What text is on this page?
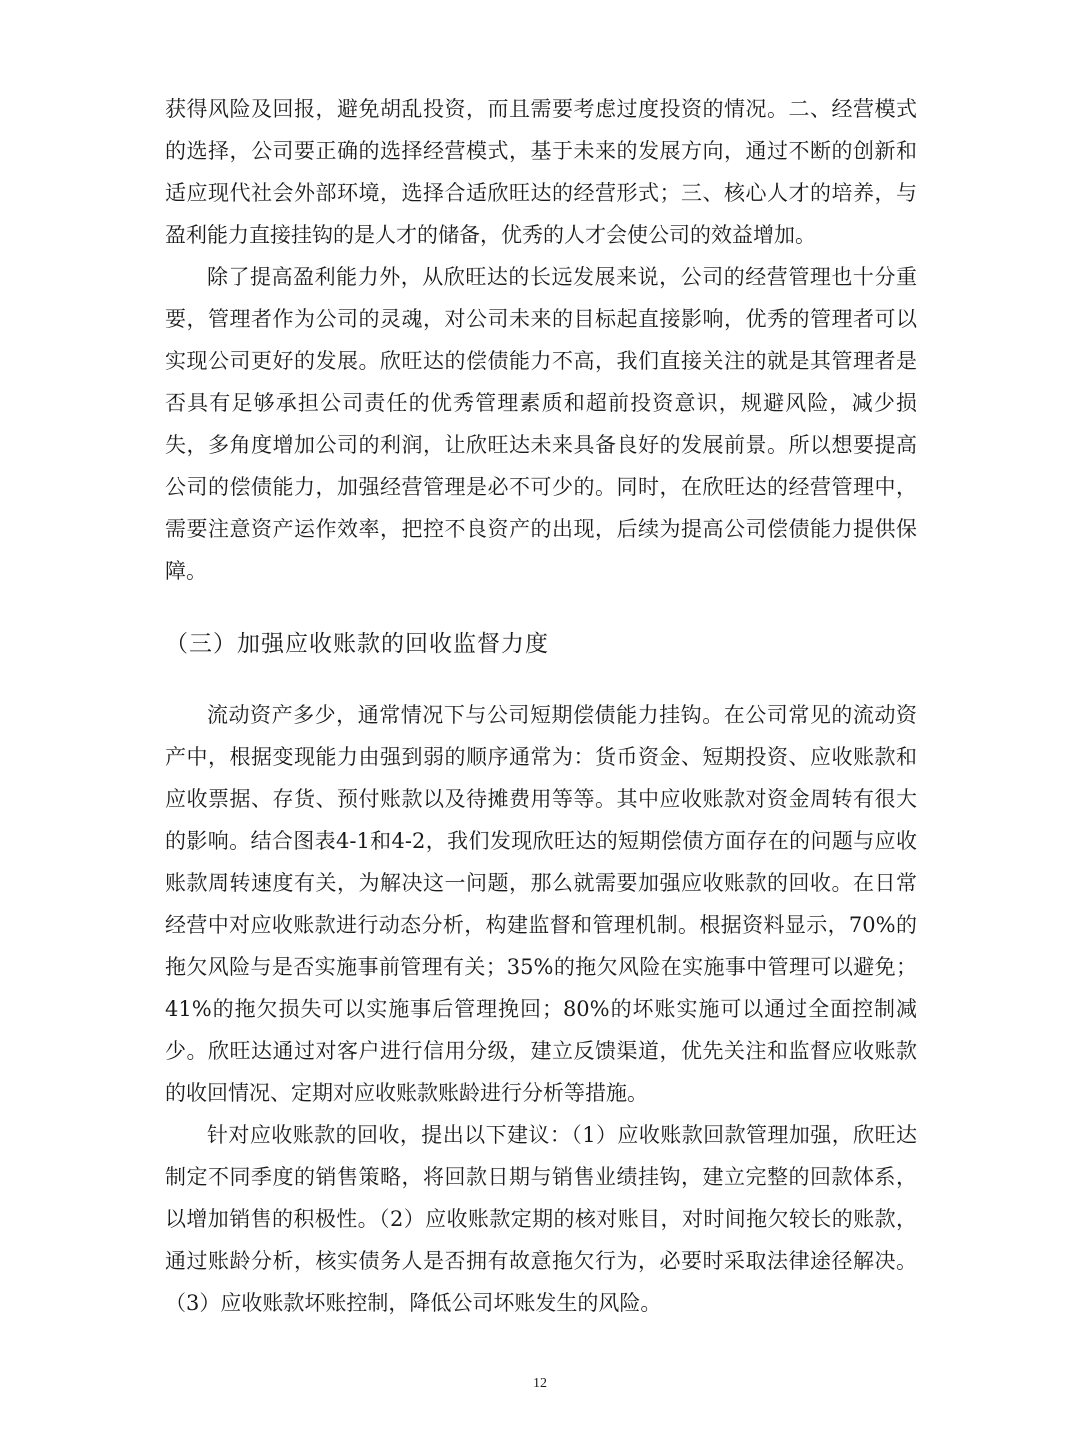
获得风险及回报，避免胡乱投资，而且需要考虑过度投资的情况。二、经营模式的选择，公司要正确的选择经营模式，基于未来的发展方向，通过不断的创新和适应现代社会外部环境，选择合适欣旺达的经营形式；三、核心人才的培养，与盈利能力直接挂钩的是人才的储备，优秀的人才会使公司的效益增加。

除了提高盈利能力外，从欣旺达的长远发展来说，公司的经营管理也十分重要，管理者作为公司的灵魂，对公司未来的目标起直接影响，优秀的管理者可以实现公司更好的发展。欣旺达的偿债能力不高，我们直接关注的就是其管理者是否具有足够承担公司责任的优秀管理素质和超前投资意识，规避风险，减少损失，多角度增加公司的利润，让欣旺达未来具备良好的发展前景。所以想要提高公司的偿债能力，加强经营管理是必不可少的。同时，在欣旺达的经营管理中，需要注意资产运作效率，把控不良资产的出现，后续为提高公司偿债能力提供保障。

（三）加强应收账款的回收监督力度

流动资产多少，通常情况下与公司短期偿债能力挂钩。在公司常见的流动资产中，根据变现能力由强到弱的顺序通常为：货币资金、短期投资、应收账款和应收票据、存货、预付账款以及待摊费用等等。其中应收账款对资金周转有很大的影响。结合图表4-1和4-2，我们发现欣旺达的短期偿债方面存在的问题与应收账款周转速度有关，为解决这一问题，那么就需要加强应收账款的回收。在日常经营中对应收账款进行动态分析，构建监督和管理机制。根据资料显示，70%的拖欠风险与是否实施事前管理有关；35%的拖欠风险在实施事中管理可以避免；41%的拖欠损失可以实施事后管理挽回；80%的坏账实施可以通过全面控制减少。欣旺达通过对客户进行信用分级，建立反馈渠道，优先关注和监督应收账款的收回情况、定期对应收账款账龄进行分析等措施。

针对应收账款的回收，提出以下建议：（1）应收账款回款管理加强，欣旺达制定不同季度的销售策略，将回款日期与销售业绩挂钩，建立完整的回款体系，以增加销售的积极性。（2）应收账款定期的核对账目，对时间拖欠较长的账款，通过账龄分析，核实债务人是否拥有故意拖欠行为，必要时采取法律途径解决。（3）应收账款坏账控制，降低公司坏账发生的风险。

12
